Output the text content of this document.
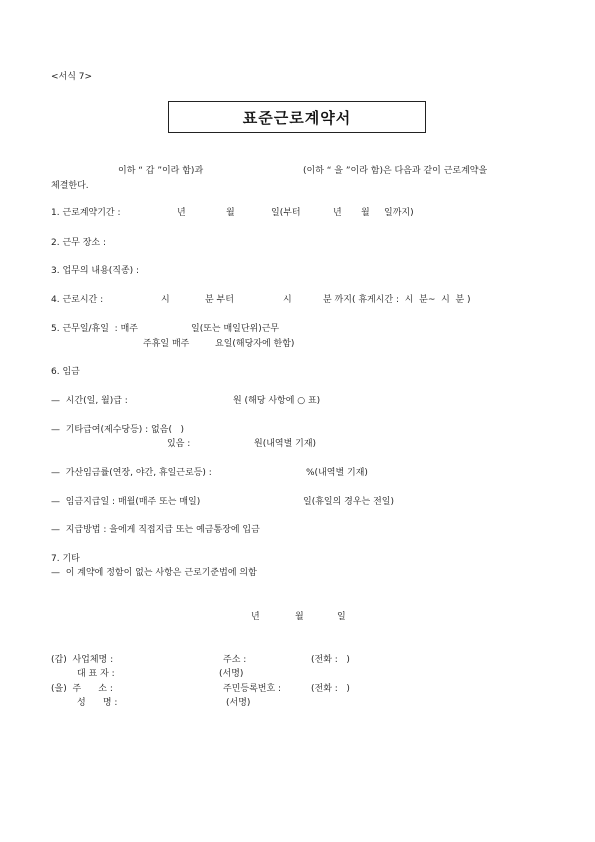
<서식 7>
표준근로계약서
이하 “ 갑 ”이라 함)과	(이하 “ 을 ”이라 함)은 다음과 같이 근로계약을
체결한다.
1. 근로계약기간 :	년	월	일(부터	년 월 일까지)
2. 근무 장소 :
3. 업무의 내용(직종) :
4. 근로시간 :	시	분 부터	시	분 까지( 휴게시간 :  시  분~  시  분 )
5. 근무일/휴일  : 매주	일(또는 매일단위)근무
주휴일 매주	요일(해당자에 한함)
6. 임금
—  시간(일, 월)급 :	원 (해당 사항에 ○ 표)
—  기타급여(제수당등) : 없음(   )
있음 :	원(내역별 기재)
—  가산임금률(연장, 야간, 휴일근로등) :	%(내역별 기재)
—  임금지급일 : 매월(매주 또는 매일)	일(휴일의 경우는 전일)
—  지급방법 : 을에게 직접지급 또는 예금통장에 입금
7. 기타
—  이 계약에 정함이 없는 사항은 근로기준법에 의함
년	월	일
(갑)  사업체명 :	주소 :	(전화 :   )
대 표 자 :	(서명)
(을)  주      소 :	주민등록번호 :	(전화 :   )
성      명 :	(서명)
